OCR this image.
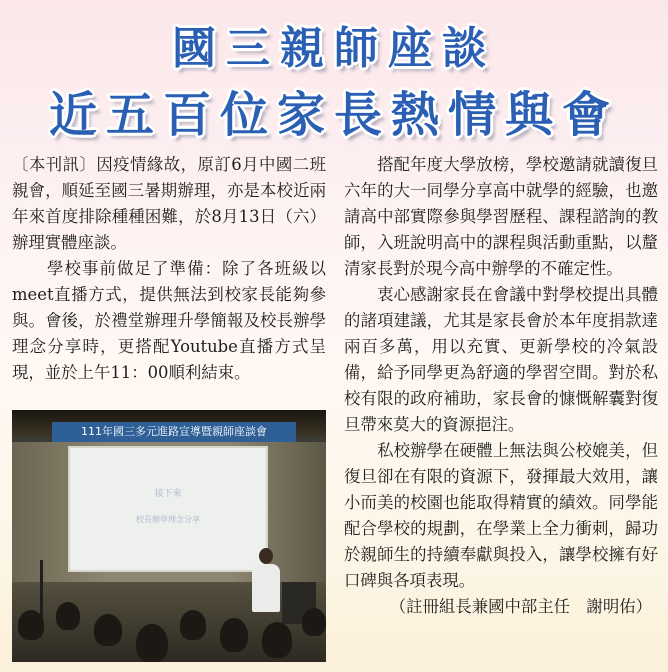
國三親師座談
近五百位家長熱情與會

〔本刊訊〕因疫情緣故，原訂6月中國二班親會，順延至國三暑期辦理，亦是本校近兩年來首度排除種種困難，於8月13日（六）辦理實體座談。

　　學校事前做足了準備：除了各班級以meet直播方式，提供無法到校家長能夠參與。會後，於禮堂辦理升學簡報及校長辦學理念分享時，更搭配Youtube直播方式呈現，並於上午11：00順利結束。

111年國三多元進路宣導暨親師座談會
接下來
校長辦學理念分享

　　搭配年度大學放榜，學校邀請就讀復旦六年的大一同學分享高中就學的經驗，也邀請高中部實際參與學習歷程、課程諮詢的教師，入班說明高中的課程與活動重點，以釐清家長對於現今高中辦學的不確定性。

　　衷心感謝家長在會議中對學校提出具體的諸項建議，尤其是家長會於本年度捐款達兩百多萬，用以充實、更新學校的冷氣設備，給予同學更為舒適的學習空間。對於私校有限的政府補助，家長會的慷慨解囊對復旦帶來莫大的資源挹注。

　　私校辦學在硬體上無法與公校媲美，但復旦卻在有限的資源下，發揮最大效用，讓小而美的校園也能取得精實的績效。同學能配合學校的規劃，在學業上全力衝刺，歸功於親師生的持續奉獻與投入，讓學校擁有好口碑與各項表現。

（註冊組長兼國中部主任　謝明佑）
